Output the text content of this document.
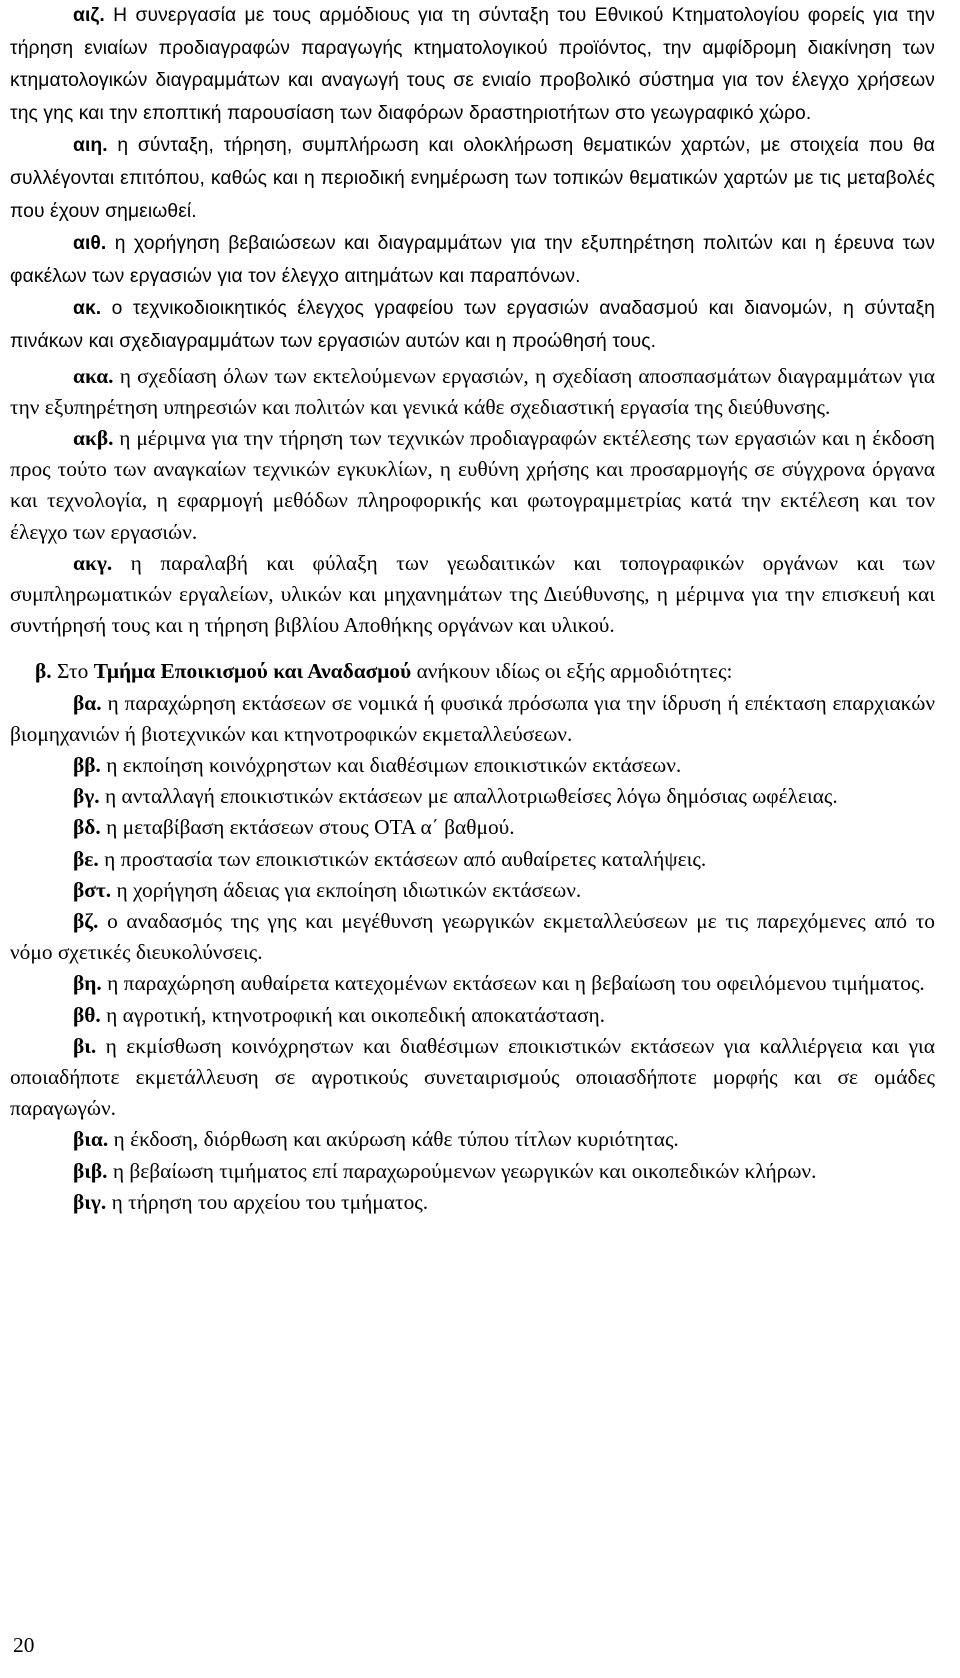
αιζ. Η συνεργασία με τους αρμόδιους για τη σύνταξη του Εθνικού Κτηματολογίου φορείς για την τήρηση ενιαίων προδιαγραφών παραγωγής κτηματολογικού προϊόντος, την αμφίδρομη διακίνηση των κτηματολογικών διαγραμμάτων και αναγωγή τους σε ενιαίο προβολικό σύστημα για τον έλεγχο χρήσεων της γης και την εποπτική παρουσίαση των διαφόρων δραστηριοτήτων στο γεωγραφικό χώρο.

αιη. η σύνταξη, τήρηση, συμπλήρωση και ολοκλήρωση θεματικών χαρτών, με στοιχεία που θα συλλέγονται επιτόπου, καθώς και η περιοδική ενημέρωση των τοπικών θεματικών χαρτών με τις μεταβολές που έχουν σημειωθεί.

αιθ. η χορήγηση βεβαιώσεων και διαγραμμάτων για την εξυπηρέτηση πολιτών και η έρευνα των φακέλων των εργασιών για τον έλεγχο αιτημάτων και παραπόνων.

ακ. ο τεχνικοδιοικητικός έλεγχος γραφείου των εργασιών αναδασμού και διανομών, η σύνταξη πινάκων και σχεδιαγραμμάτων των εργασιών αυτών και η προώθησή τους.

ακα. η σχεδίαση όλων των εκτελούμενων εργασιών, η σχεδίαση αποσπασμάτων διαγραμμάτων για την εξυπηρέτηση υπηρεσιών και πολιτών και γενικά κάθε σχεδιαστική εργασία της διεύθυνσης.

ακβ. η μέριμνα για την τήρηση των τεχνικών προδιαγραφών εκτέλεσης των εργασιών και η έκδοση προς τούτο των αναγκαίων τεχνικών εγκυκλίων, η ευθύνη χρήσης και προσαρμογής σε σύγχρονα όργανα και τεχνολογία, η εφαρμογή μεθόδων πληροφορικής και φωτογραμμετρίας κατά την εκτέλεση και τον έλεγχο των εργασιών.

ακγ. η παραλαβή και φύλαξη των γεωδαιτικών και τοπογραφικών οργάνων και των συμπληρωματικών εργαλείων, υλικών και μηχανημάτων της Διεύθυνσης, η μέριμνα για την επισκευή και συντήρησή τους και η τήρηση βιβλίου Αποθήκης οργάνων και υλικού.

β. Στο Τμήμα Εποικισμού και Αναδασμού ανήκουν ιδίως οι εξής αρμοδιότητες:

βα. η παραχώρηση εκτάσεων σε νομικά ή φυσικά πρόσωπα για την ίδρυση ή επέκταση επαρχιακών βιομηχανιών ή βιοτεχνικών και κτηνοτροφικών εκμεταλλεύσεων.

ββ. η εκποίηση κοινόχρηστων και διαθέσιμων εποικιστικών εκτάσεων.

βγ. η ανταλλαγή εποικιστικών εκτάσεων με απαλλοτριωθείσες λόγω δημόσιας ωφέλειας.

βδ. η μεταβίβαση εκτάσεων στους ΟΤΑ α΄ βαθμού.

βε. η προστασία των εποικιστικών εκτάσεων από αυθαίρετες καταλήψεις.

βστ. η χορήγηση άδειας για εκποίηση ιδιωτικών εκτάσεων.

βζ. ο αναδασμός της γης και μεγέθυνση γεωργικών εκμεταλλεύσεων με τις παρεχόμενες από το νόμο σχετικές διευκολύνσεις.

βη. η παραχώρηση αυθαίρετα κατεχομένων εκτάσεων και η βεβαίωση του οφειλόμενου τιμήματος.

βθ. η αγροτική, κτηνοτροφική και οικοπεδική αποκατάσταση.

βι. η εκμίσθωση κοινόχρηστων και διαθέσιμων εποικιστικών εκτάσεων για καλλιέργεια και για οποιαδήποτε εκμετάλλευση σε αγροτικούς συνεταιρισμούς οποιασδήποτε μορφής και σε ομάδες παραγωγών.

βια. η έκδοση, διόρθωση και ακύρωση κάθε τύπου τίτλων κυριότητας.

βιβ. η βεβαίωση τιμήματος επί παραχωρούμενων γεωργικών και οικοπεδικών κλήρων.

βιγ. η τήρηση του αρχείου του τμήματος.

20
